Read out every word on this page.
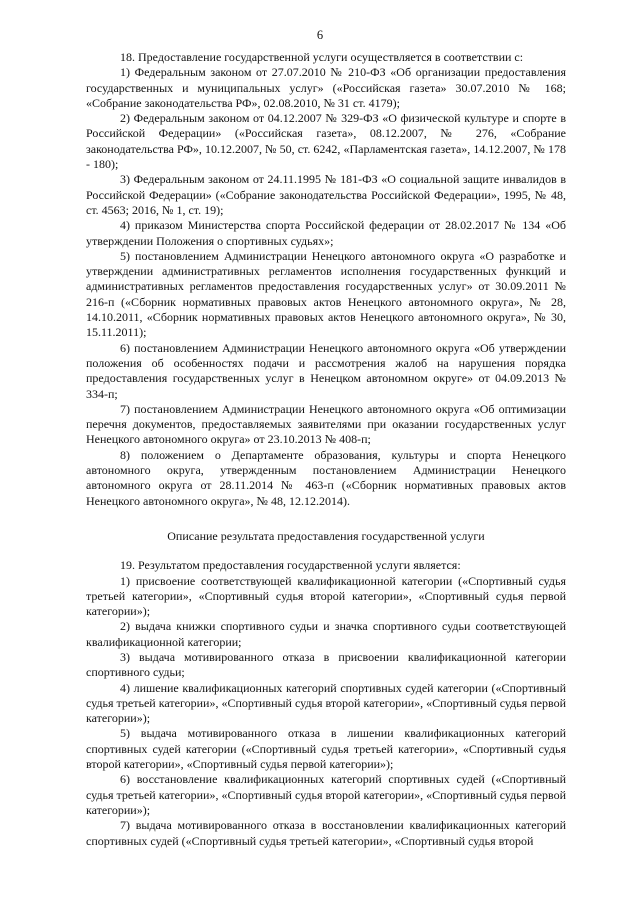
6

18. Предоставление государственной услуги осуществляется в соответствии с:

1) Федеральным законом от 27.07.2010 № 210-ФЗ «Об организации предоставления государственных и муниципальных услуг» («Российская газета» 30.07.2010 № 168; «Собрание законодательства РФ», 02.08.2010, № 31 ст. 4179);

2) Федеральным законом от 04.12.2007 № 329-ФЗ «О физической культуре и спорте в Российской Федерации» («Российская газета», 08.12.2007, № 276, «Собрание законодательства РФ», 10.12.2007, № 50, ст. 6242, «Парламентская газета», 14.12.2007, № 178 - 180);

3) Федеральным законом от 24.11.1995 № 181-ФЗ «О социальной защите инвалидов в Российской Федерации» («Собрание законодательства Российской Федерации», 1995, № 48, ст. 4563; 2016, № 1, ст. 19);

4) приказом Министерства спорта Российской федерации от 28.02.2017 № 134 «Об утверждении Положения о спортивных судьях»;

5) постановлением Администрации Ненецкого автономного округа «О разработке и утверждении административных регламентов исполнения государственных функций и административных регламентов предоставления государственных услуг» от 30.09.2011 № 216-п («Сборник нормативных правовых актов Ненецкого автономного округа», № 28, 14.10.2011, «Сборник нормативных правовых актов Ненецкого автономного округа», № 30, 15.11.2011);

6) постановлением Администрации Ненецкого автономного округа «Об утверждении положения об особенностях подачи и рассмотрения жалоб на нарушения порядка предоставления государственных услуг в Ненецком автономном округе» от 04.09.2013 № 334-п;

7) постановлением Администрации Ненецкого автономного округа «Об оптимизации перечня документов, предоставляемых заявителями при оказании государственных услуг Ненецкого автономного округа» от 23.10.2013 № 408-п;

8) положением о Департаменте образования, культуры и спорта Ненецкого автономного округа, утвержденным постановлением Администрации Ненецкого автономного округа от 28.11.2014 № 463-п («Сборник нормативных правовых актов Ненецкого автономного округа», № 48, 12.12.2014).

Описание результата предоставления государственной услуги

19. Результатом предоставления государственной услуги является:

1) присвоение соответствующей квалификационной категории («Спортивный судья третьей категории», «Спортивный судья второй категории», «Спортивный судья первой категории»);

2) выдача книжки спортивного судьи и значка спортивного судьи соответствующей квалификационной категории;

3) выдача мотивированного отказа в присвоении квалификационной категории спортивного судьи;

4) лишение квалификационных категорий спортивных судей категории («Спортивный судья третьей категории», «Спортивный судья второй категории», «Спортивный судья первой категории»);

5) выдача мотивированного отказа в лишении квалификационных категорий спортивных судей категории («Спортивный судья третьей категории», «Спортивный судья второй категории», «Спортивный судья первой категории»);

6) восстановление квалификационных категорий спортивных судей («Спортивный судья третьей категории», «Спортивный судья второй категории», «Спортивный судья первой категории»);

7) выдача мотивированного отказа в восстановлении квалификационных категорий спортивных судей («Спортивный судья третьей категории», «Спортивный судья второй
